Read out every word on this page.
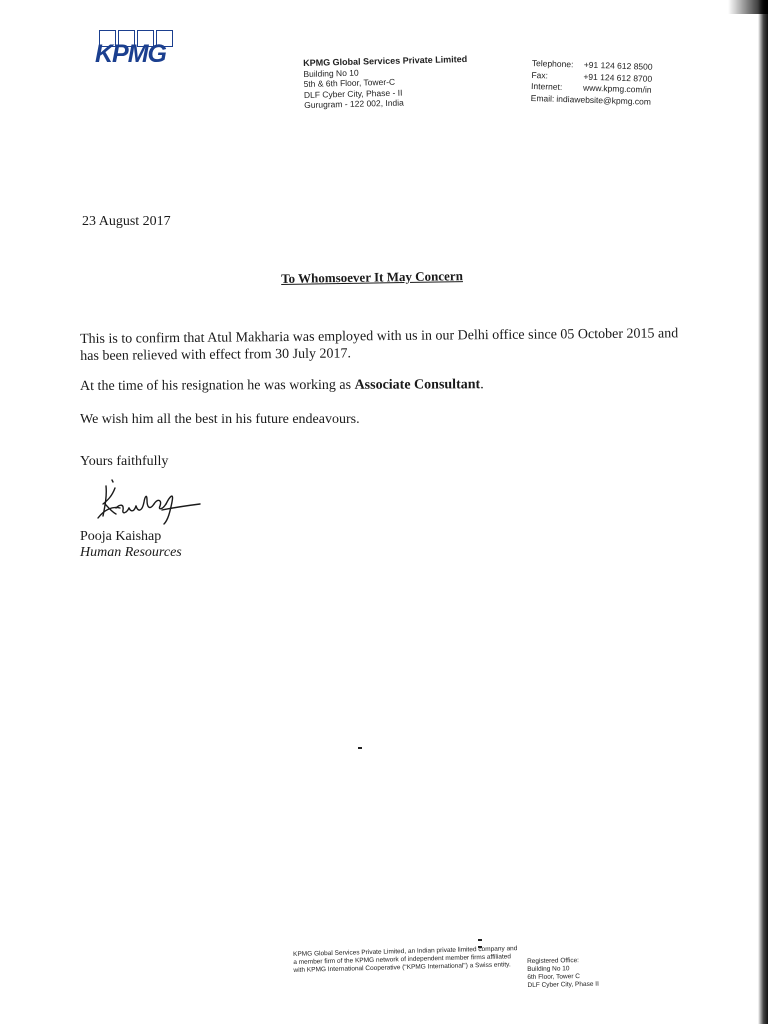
KPMG	KPMG Global Services Private Limited
Building No 10
5th & 6th Floor, Tower-C
DLF Cyber City, Phase - II
Gurugram - 122 002, India
Telephone:	+91 124 612 8500
Fax:	+91 124 612 8700
Internet:	www.kpmg.com/in
Email: indiawebsite@kpmg.com
23 August 2017
To Whomsoever It May Concern
This is to confirm that Atul Makharia was employed with us in our Delhi office since 05 October 2015 and has been relieved with effect from 30 July 2017.
At the time of his resignation he was working as Associate Consultant.
We wish him all the best in his future endeavours.
Yours faithfully
Pooja Kaishap
Human Resources
KPMG Global Services Private Limited, an Indian private limited company and a member firm of the KPMG network of independent member firms affiliated with KPMG International Cooperative ("KPMG International") a Swiss entity.
Registered Office:
Building No 10
6th Floor, Tower C
DLF Cyber City, Phase II
